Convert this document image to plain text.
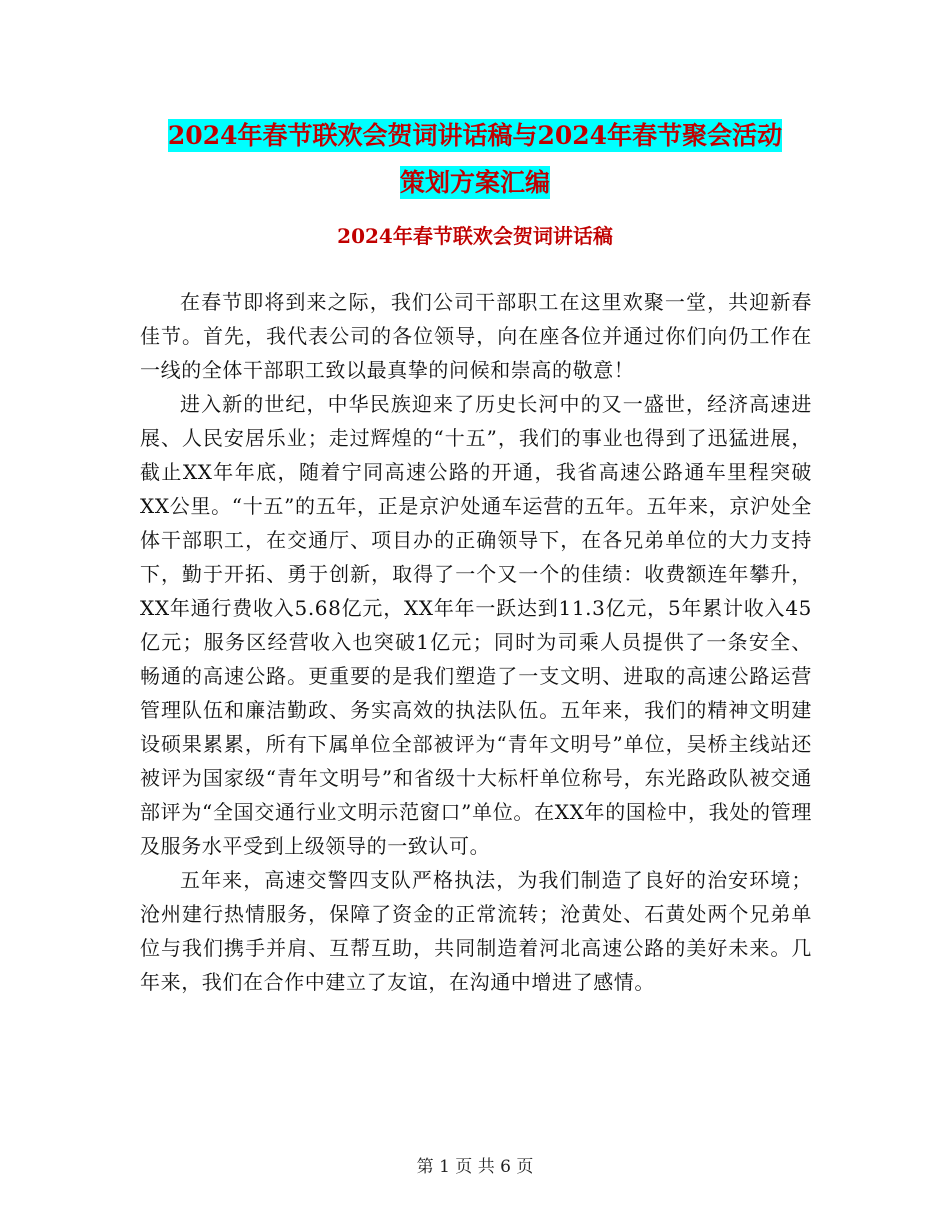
2024年春节联欢会贺词讲话稿与2024年春节聚会活动
策划方案汇编
2024年春节联欢会贺词讲话稿

在春节即将到来之际，我们公司干部职工在这里欢聚一堂，共迎新春佳节。首先，我代表公司的各位领导，向在座各位并通过你们向仍工作在一线的全体干部职工致以最真挚的问候和崇高的敬意！

进入新的世纪，中华民族迎来了历史长河中的又一盛世，经济高速进展、人民安居乐业；走过辉煌的“十五”，我们的事业也得到了迅猛进展，截止XX年年底，随着宁同高速公路的开通，我省高速公路通车里程突破XX公里。“十五”的五年，正是京沪处通车运营的五年。五年来，京沪处全体干部职工，在交通厅、项目办的正确领导下，在各兄弟单位的大力支持下，勤于开拓、勇于创新，取得了一个又一个的佳绩：收费额连年攀升，XX年通行费收入5.68亿元，XX年年一跃达到11.3亿元，5年累计收入45亿元；服务区经营收入也突破1亿元；同时为司乘人员提供了一条安全、畅通的高速公路。更重要的是我们塑造了一支文明、进取的高速公路运营管理队伍和廉洁勤政、务实高效的执法队伍。五年来，我们的精神文明建设硕果累累，所有下属单位全部被评为“青年文明号”单位，吴桥主线站还被评为国家级“青年文明号”和省级十大标杆单位称号，东光路政队被交通部评为“全国交通行业文明示范窗口”单位。在XX年的国检中，我处的管理及服务水平受到上级领导的一致认可。

五年来，高速交警四支队严格执法，为我们制造了良好的治安环境；沧州建行热情服务，保障了资金的正常流转；沧黄处、石黄处两个兄弟单位与我们携手并肩、互帮互助，共同制造着河北高速公路的美好未来。几年来，我们在合作中建立了友谊，在沟通中增进了感情。

第 1 页 共 6 页
